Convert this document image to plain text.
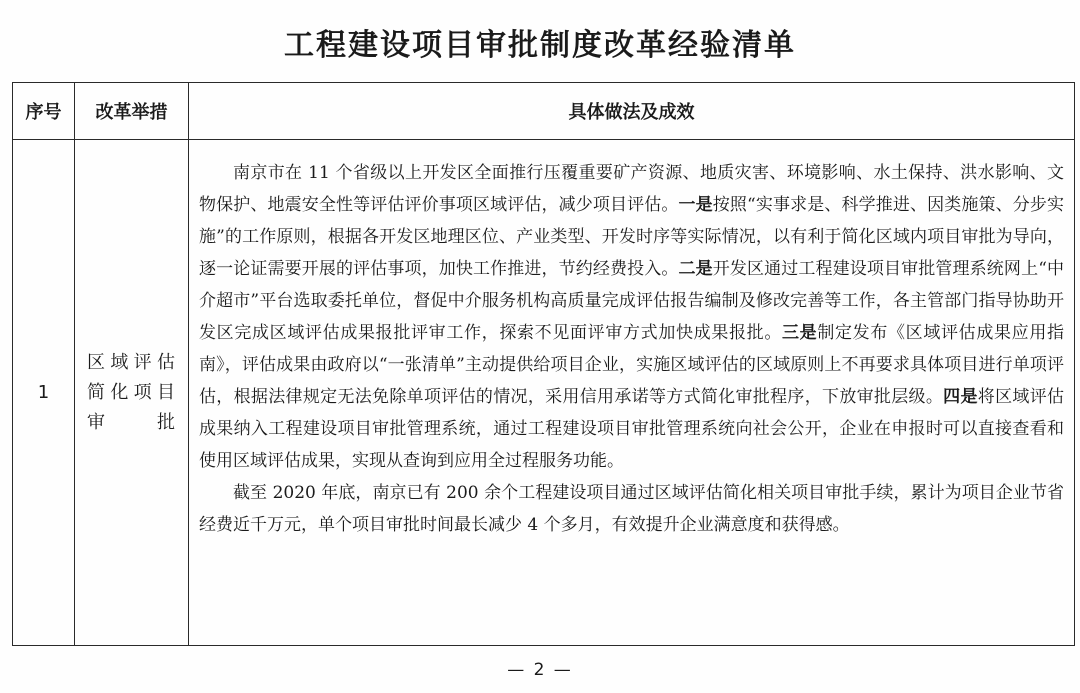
工程建设项目审批制度改革经验清单
序号	改革举措	具体做法及成效
1	区域评估简化项目审批	南京市在 11 个省级以上开发区全面推行压覆重要矿产资源、地质灾害、环境影响、水土保持、洪水影响、文物保护、地震安全性等评估评价事项区域评估，减少项目评估。一是按照“实事求是、科学推进、因类施策、分步实施”的工作原则，根据各开发区地理区位、产业类型、开发时序等实际情况，以有利于简化区域内项目审批为导向，逐一论证需要开展的评估事项，加快工作推进，节约经费投入。二是开发区通过工程建设项目审批管理系统网上“中介超市”平台选取委托单位，督促中介服务机构高质量完成评估报告编制及修改完善等工作，各主管部门指导协助开发区完成区域评估成果报批评审工作，探索不见面评审方式加快成果报批。三是制定发布《区域评估成果应用指南》，评估成果由政府以“一张清单”主动提供给项目企业，实施区域评估的区域原则上不再要求具体项目进行单项评估，根据法律规定无法免除单项评估的情况，采用信用承诺等方式简化审批程序，下放审批层级。四是将区域评估成果纳入工程建设项目审批管理系统，通过工程建设项目审批管理系统向社会公开，企业在申报时可以直接查看和使用区域评估成果，实现从查询到应用全过程服务功能。

截至 2020 年底，南京已有 200 余个工程建设项目通过区域评估简化相关项目审批手续，累计为项目企业节省经费近千万元，单个项目审批时间最长减少 4 个多月，有效提升企业满意度和获得感。

— 2 —
